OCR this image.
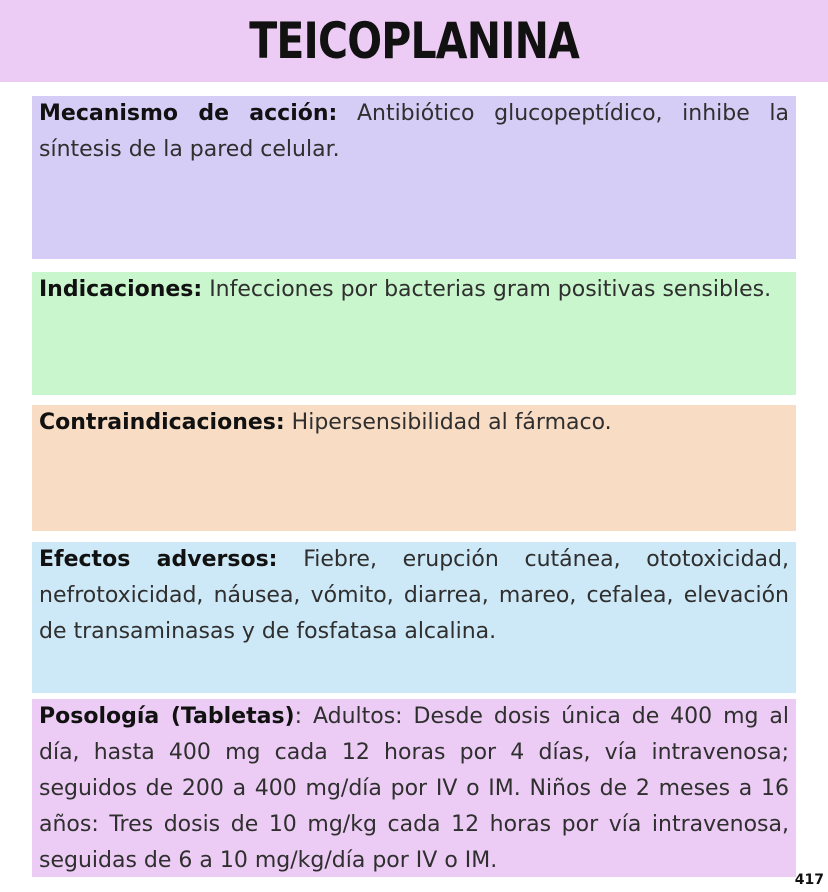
TEICOPLANINA
Mecanismo de acción: Antibiótico glucopeptídico, inhibe la síntesis de la pared celular.
Indicaciones: Infecciones por bacterias gram positivas sensibles.
Contraindicaciones: Hipersensibilidad al fármaco.
Efectos adversos: Fiebre, erupción cutánea, ototoxicidad, nefrotoxicidad, náusea, vómito, diarrea, mareo, cefalea, elevación de transaminasas y de fosfatasa alcalina.
Posología (Tabletas): Adultos: Desde dosis única de 400 mg al día, hasta 400 mg cada 12 horas por 4 días, vía intravenosa; seguidos de 200 a 400 mg/día por IV o IM. Niños de 2 meses a 16 años: Tres dosis de 10 mg/kg cada 12 horas por vía intravenosa, seguidas de 6 a 10 mg/kg/día por IV o IM.
417
